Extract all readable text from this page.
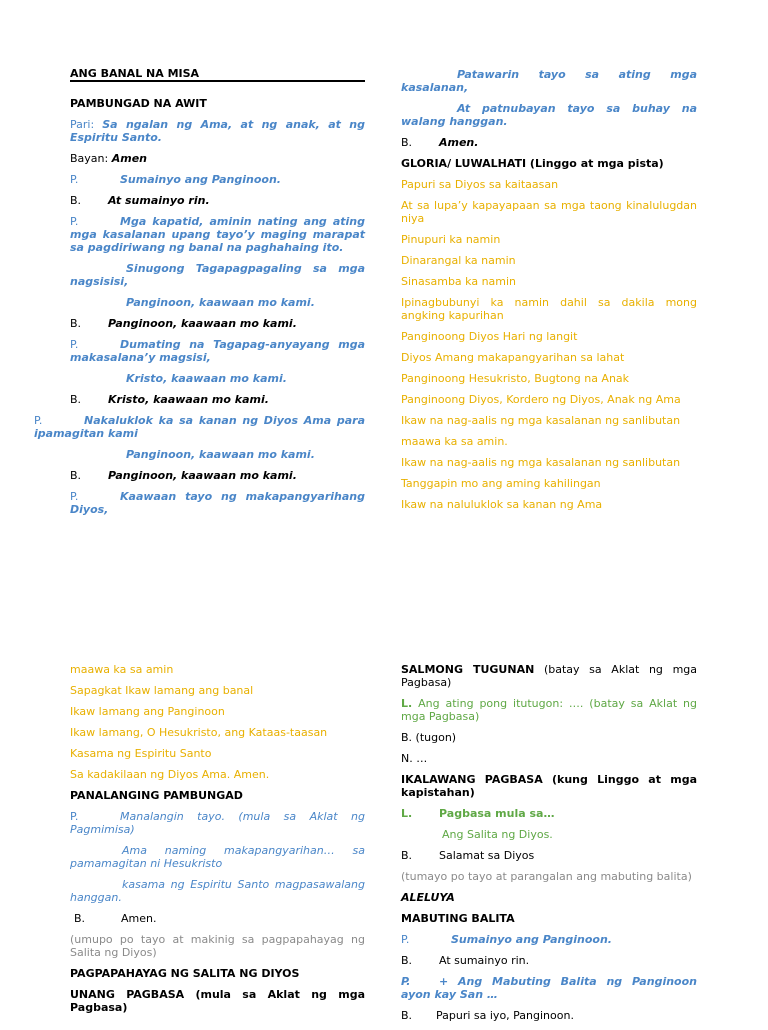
ANG BANAL NA MISA

PAMBUNGAD NA AWIT

Pari: Sa ngalan ng Ama, at ng anak, at ng Espiritu Santo.

Bayan: Amen

P.	Sumainyo ang Panginoon.

B. At sumainyo rin.

P.	Mga kapatid, aminin nating ang ating mga kasalanan upang tayo’y maging marapat sa pagdiriwang ng banal na paghahaing ito.

Sinugong Tagapagpagaling sa mga nagsisisi,

Panginoon, kaawaan mo kami.

B. Panginoon, kaawaan mo kami.

P.	Dumating na Tagapag-anyayang mga makasalana’y magsisi,

Kristo, kaawaan mo kami.

B. Kristo, kaawaan mo kami.

P.	Nakaluklok ka sa kanan ng Diyos Ama para ipamagitan kami

Panginoon, kaawaan mo kami.

B. Panginoon, kaawaan mo kami.

P.	Kaawaan tayo ng makapangyarihang Diyos,

Patawarin tayo sa ating mga kasalanan,

At patnubayan tayo sa buhay na walang hanggan.

B. Amen.

GLORIA/ LUWALHATI (Linggo at mga pista)

Papuri sa Diyos sa kaitaasan

At sa lupa’y kapayapaan sa mga taong kinalulugdan niya

Pinupuri ka namin

Dinarangal ka namin

Sinasamba ka namin

Ipinagbubunyi ka namin dahil sa dakila mong angking kapurihan

Panginoong Diyos Hari ng langit

Diyos Amang makapangyarihan sa lahat

Panginoong Hesukristo, Bugtong na Anak

Panginoong Diyos, Kordero ng Diyos, Anak ng Ama

Ikaw na nag-aalis ng mga kasalanan ng sanlibutan

maawa ka sa amin.

Ikaw na nag-aalis ng mga kasalanan ng sanlibutan

Tanggapin mo ang aming kahilingan

Ikaw na naluluklok sa kanan ng Ama

maawa ka sa amin

Sapagkat Ikaw lamang ang banal

Ikaw lamang ang Panginoon

Ikaw lamang, O Hesukristo, ang Kataas-taasan

Kasama ng Espiritu Santo

Sa kadakilaan ng Diyos Ama. Amen.

PANALANGING PAMBUNGAD

P.	Manalangin tayo. (mula sa Aklat ng Pagmimisa)

Ama naming makapangyarihan… sa pamamagitan ni Hesukristo

kasama ng Espiritu Santo magpasawalang hanggan.

B.	Amen.

(umupo po tayo at makinig sa pagpapahayag ng Salita ng Diyos)

PAGPAPAHAYAG NG SALITA NG DIYOS

UNANG PAGBASA (mula sa Aklat ng mga Pagbasa)

SALMONG TUGUNAN (batay sa Aklat ng mga Pagbasa)

L. Ang ating pong itutugon: …. (batay sa Aklat ng mga Pagbasa)

B. (tugon)

N. …

IKALAWANG PAGBASA (kung Linggo at mga kapistahan)

L. Pagbasa mula sa…

Ang Salita ng Diyos.

B. Salamat sa Diyos

(tumayo po tayo at parangalan ang mabuting balita)

ALELUYA

MABUTING BALITA

P.	Sumainyo ang Panginoon.

B. At sumainyo rin.

P.	+ Ang Mabuting Balita ng Panginoon ayon kay San …

B. Papuri sa iyo, Panginoon.
